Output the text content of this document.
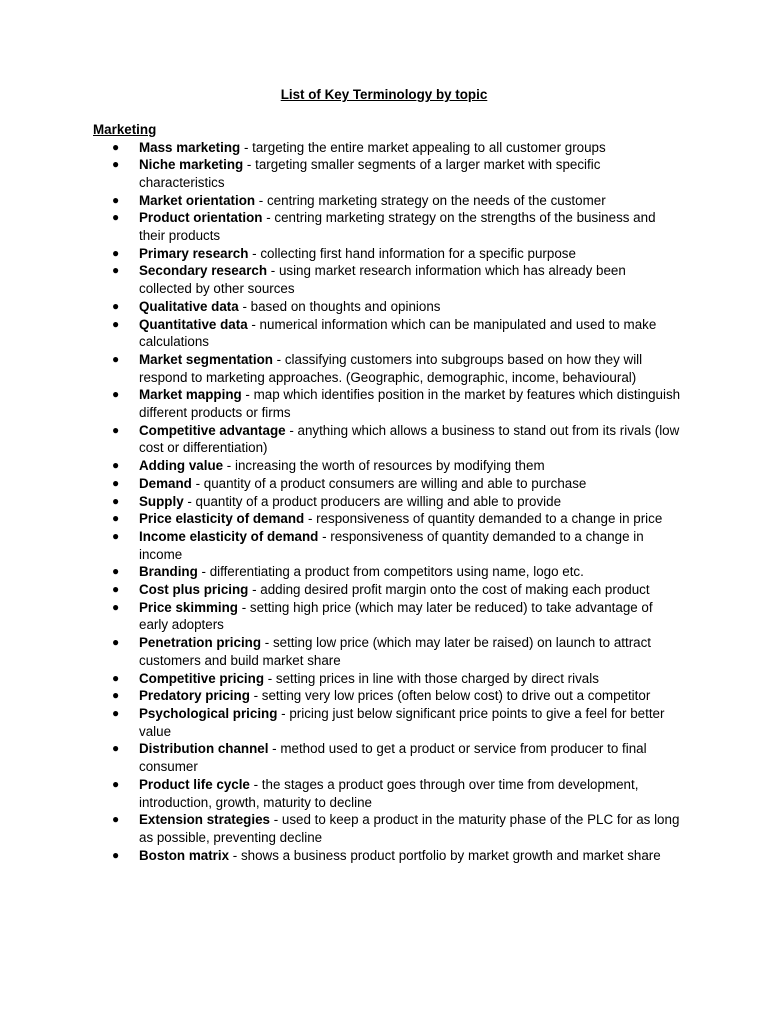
List of Key Terminology by topic
Marketing
● Mass marketing - targeting the entire market appealing to all customer groups
● Niche marketing - targeting smaller segments of a larger market with specific characteristics
● Market orientation - centring marketing strategy on the needs of the customer
● Product orientation - centring marketing strategy on the strengths of the business and their products
● Primary research - collecting first hand information for a specific purpose
● Secondary research - using market research information which has already been collected by other sources
● Qualitative data - based on thoughts and opinions
● Quantitative data - numerical information which can be manipulated and used to make calculations
● Market segmentation - classifying customers into subgroups based on how they will respond to marketing approaches. (Geographic, demographic, income, behavioural)
● Market mapping - map which identifies position in the market by features which distinguish different products or firms
● Competitive advantage - anything which allows a business to stand out from its rivals (low cost or differentiation)
● Adding value - increasing the worth of resources by modifying them
● Demand - quantity of a product consumers are willing and able to purchase
● Supply - quantity of a product producers are willing and able to provide
● Price elasticity of demand - responsiveness of quantity demanded to a change in price
● Income elasticity of demand - responsiveness of quantity demanded to a change in income
● Branding - differentiating a product from competitors using name, logo etc.
● Cost plus pricing - adding desired profit margin onto the cost of making each product
● Price skimming - setting high price (which may later be reduced) to take advantage of early adopters
● Penetration pricing - setting low price (which may later be raised) on launch to attract customers and build market share
● Competitive pricing - setting prices in line with those charged by direct rivals
● Predatory pricing - setting very low prices (often below cost) to drive out a competitor
● Psychological pricing - pricing just below significant price points to give a feel for better value
● Distribution channel - method used to get a product or service from producer to final consumer
● Product life cycle - the stages a product goes through over time from development, introduction, growth, maturity to decline
● Extension strategies - used to keep a product in the maturity phase of the PLC for as long as possible, preventing decline
● Boston matrix - shows a business product portfolio by market growth and market share
